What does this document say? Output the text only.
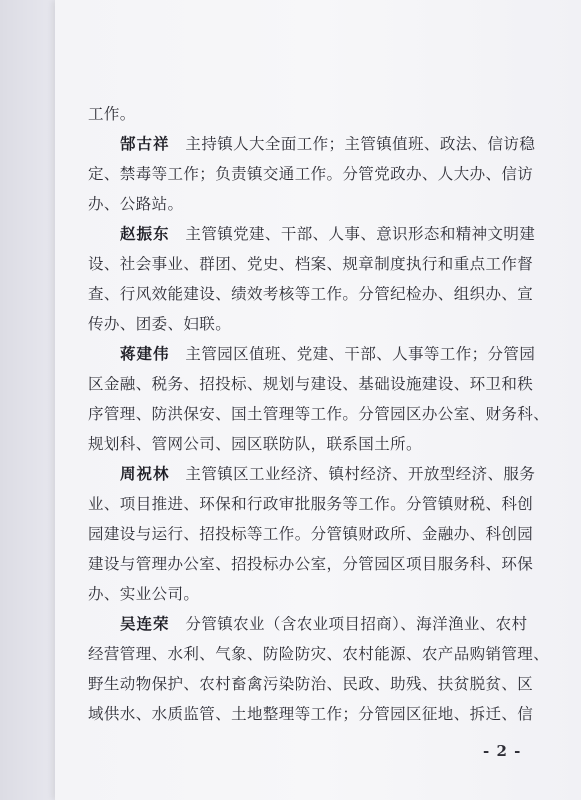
工作。
郜古祥　主持镇人大全面工作；主管镇值班、政法、信访稳
定、禁毒等工作；负责镇交通工作。分管党政办、人大办、信访
办、公路站。
赵振东　主管镇党建、干部、人事、意识形态和精神文明建
设、社会事业、群团、党史、档案、规章制度执行和重点工作督
查、行风效能建设、绩效考核等工作。分管纪检办、组织办、宣
传办、团委、妇联。
蒋建伟　主管园区值班、党建、干部、人事等工作；分管园
区金融、税务、招投标、规划与建设、基础设施建设、环卫和秩
序管理、防洪保安、国土管理等工作。分管园区办公室、财务科、
规划科、管网公司、园区联防队，联系国土所。
周祝林　主管镇区工业经济、镇村经济、开放型经济、服务
业、项目推进、环保和行政审批服务等工作。分管镇财税、科创
园建设与运行、招投标等工作。分管镇财政所、金融办、科创园
建设与管理办公室、招投标办公室，分管园区项目服务科、环保
办、实业公司。
吴连荣　分管镇农业（含农业项目招商）、海洋渔业、农村
经营管理、水利、气象、防险防灾、农村能源、农产品购销管理、
野生动物保护、农村畜禽污染防治、民政、助残、扶贫脱贫、区
域供水、水质监管、土地整理等工作；分管园区征地、拆迁、信
- 2 -
